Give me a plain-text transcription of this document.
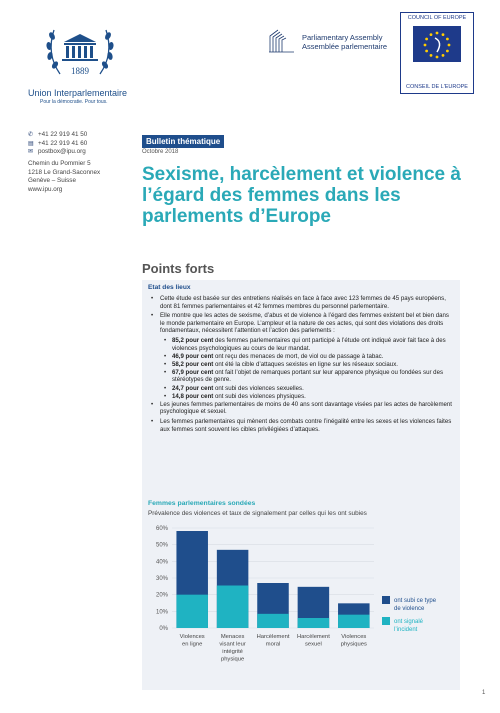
1889
Union Interparlementaire
Pour la démocratie. Pour tous.
Parliamentary Assembly
Assemblée parlementaire
COUNCIL OF EUROPE
CONSEIL DE L'EUROPE
✆ +41 22 919 41 50
▤ +41 22 919 41 60
✉ postbox@ipu.org
Chemin du Pommier 5
1218 Le Grand-Saconnex
Genève – Suisse
www.ipu.org
Bulletin thématique
Octobre 2018
Sexisme, harcèlement et violence à l’égard des femmes dans les parlements d’Europe
Points forts
Etat des lieux
• Cette étude est basée sur des entretiens réalisés en face à face avec 123 femmes de 45 pays européens, dont 81 femmes parlementaires et 42 femmes membres du personnel parlementaire.
• Elle montre que les actes de sexisme, d’abus et de violence à l’égard des femmes existent bel et bien dans le monde parlementaire en Europe. L’ampleur et la nature de ces actes, qui sont des violations des droits fondamentaux, nécessitent l’attention et l’action des parlements :
• 85,2 pour cent des femmes parlementaires qui ont participé à l’étude ont indiqué avoir fait face à des violences psychologiques au cours de leur mandat.
• 46,9 pour cent ont reçu des menaces de mort, de viol ou de passage à tabac.
• 58,2 pour cent ont été la cible d’attaques sexistes en ligne sur les réseaux sociaux.
• 67,9 pour cent ont fait l’objet de remarques portant sur leur apparence physique ou fondées sur des stéréotypes de genre.
• 24,7 pour cent ont subi des violences sexuelles.
• 14,8 pour cent ont subi des violences physiques.
• Les jeunes femmes parlementaires de moins de 40 ans sont davantage visées par les actes de harcèlement psychologique et sexuel.
• Les femmes parlementaires qui mènent des combats contre l’inégalité entre les sexes et les violences faites aux femmes sont souvent les cibles privilégiées d’attaques.
Femmes parlementaires sondées
Prévalence des violences et taux de signalement par celles qui les ont subies
0%
10%
20%
30%
40%
50%
60%
Violences
en ligne
Menaces
visant leur
intégrité
physique
Harcèlement
moral
Harcèlement
sexuel
Violences
physiques
ont subi ce type
de violence
ont signalé
l’incident
1
